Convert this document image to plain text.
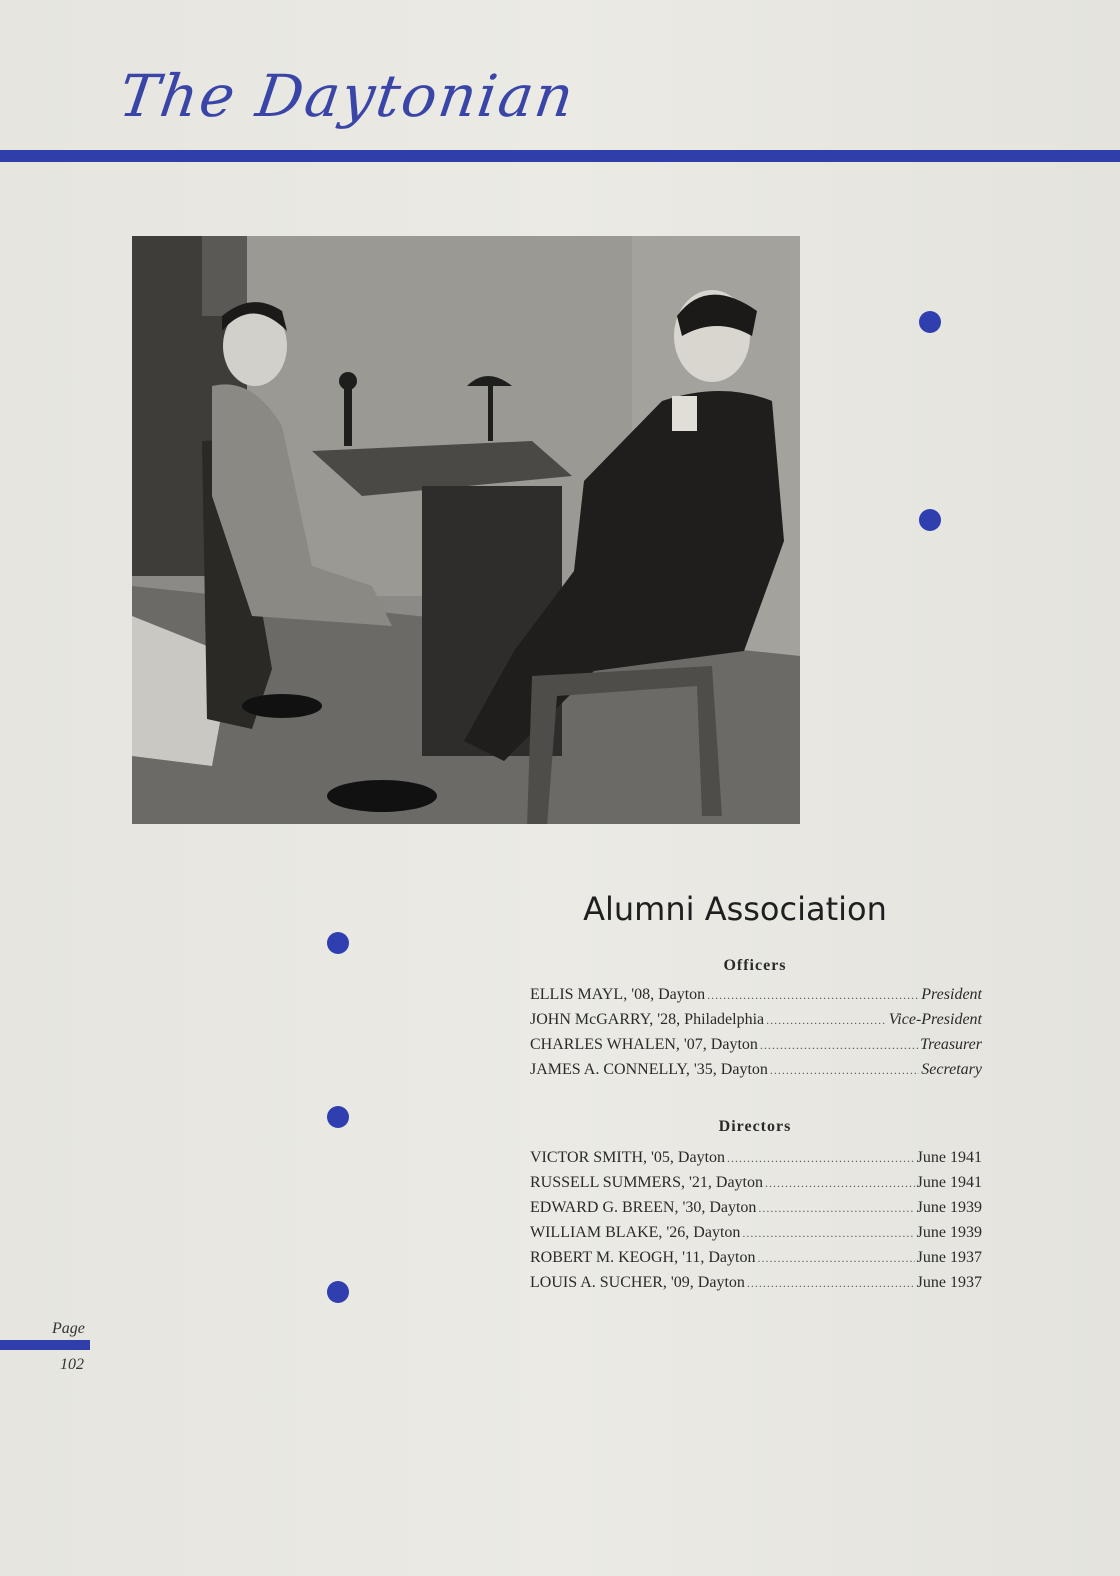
The Daytonian
Alumni Association
Officers
ELLIS MAYL, '08, Dayton . . .	President
JOHN McGARRY, '28, Philadelphia . . .	Vice-President
CHARLES WHALEN, '07, Dayton . . .	Treasurer
JAMES A. CONNELLY, '35, Dayton . . .	Secretary
Directors
VICTOR SMITH, '05, Dayton . . .	June 1941
RUSSELL SUMMERS, '21, Dayton . . .	June 1941
EDWARD G. BREEN, '30, Dayton . . .	June 1939
WILLIAM BLAKE, '26, Dayton . . .	June 1939
ROBERT M. KEOGH, '11, Dayton . . .	June 1937
LOUIS A. SUCHER, '09, Dayton . . .	June 1937
Page
102
